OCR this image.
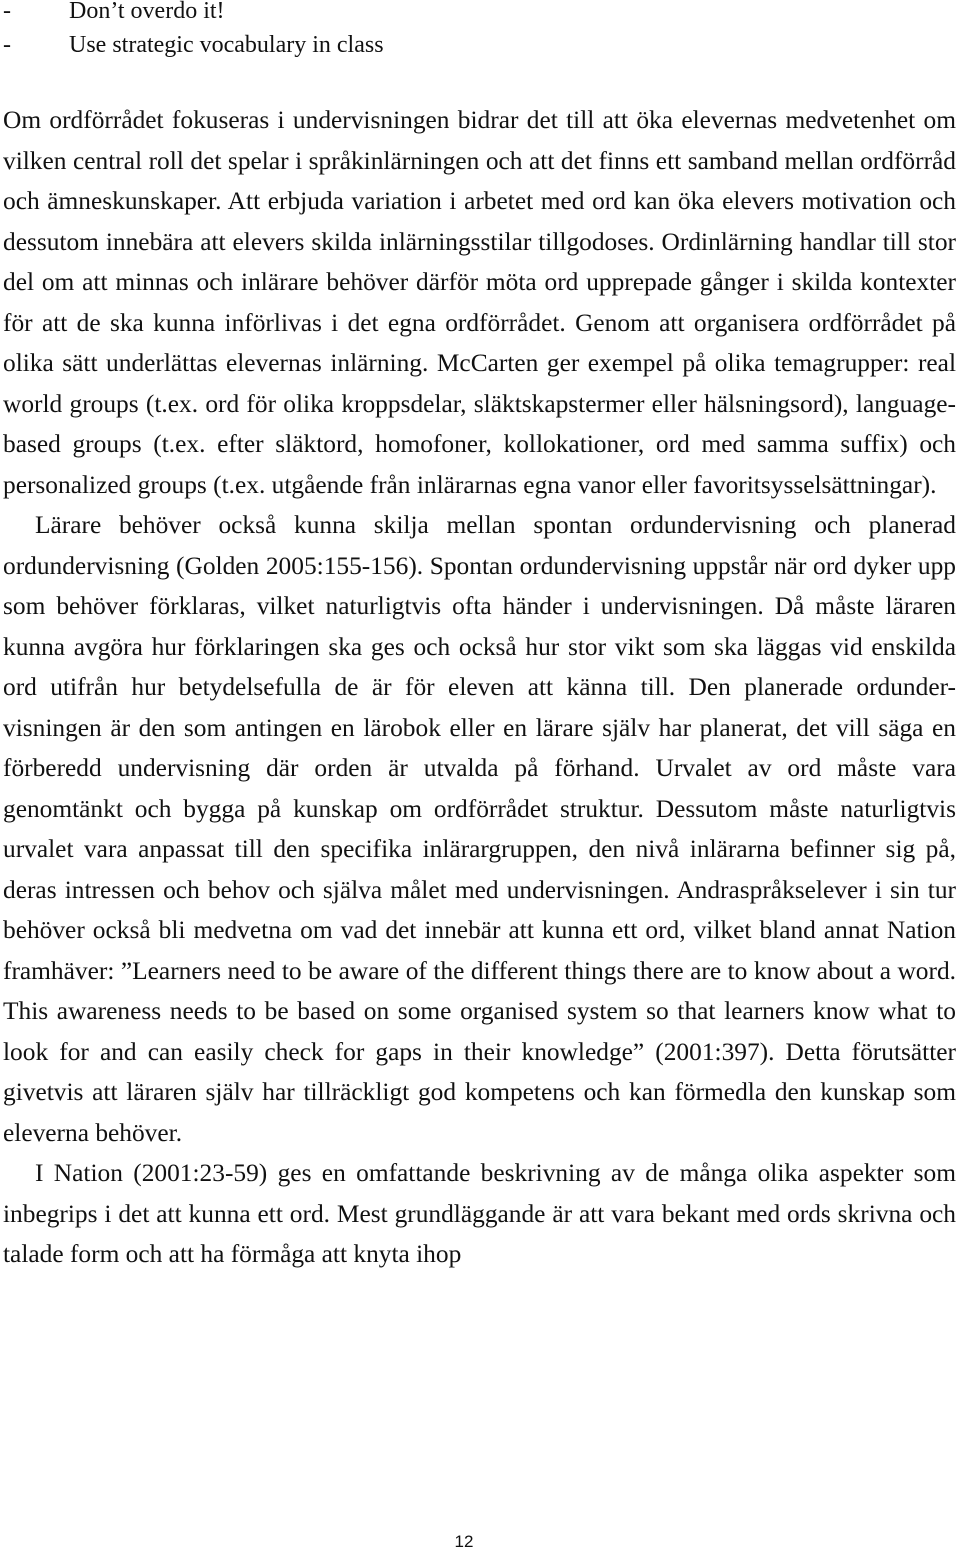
- Don’t overdo it!
- Use strategic vocabulary in class

Om ordförrådet fokuseras i undervisningen bidrar det till att öka elevernas medvetenhet om vilken central roll det spelar i språkinlärningen och att det finns ett samband mellan ordförråd och ämneskunskaper. Att erbjuda variation i arbetet med ord kan öka elevers motivation och dessutom innebära att elevers skilda inlärningsstilar tillgodoses. Ordinlärning handlar till stor del om att minnas och inlärare behöver därför möta ord upprepade gånger i skilda kontexter för att de ska kunna införlivas i det egna ordförrådet. Genom att organisera ordförrådet på olika sätt underlättas elevernas inlärning. McCarten ger exempel på olika temagrupper: real world groups (t.ex. ord för olika kroppsdelar, släktskapstermer eller hälsningsord), language-based groups (t.ex. efter släktord, homofoner, kollokationer, ord med samma suffix) och personalized groups (t.ex. utgående från inlärarnas egna vanor eller favoritsysselsättningar).

Lärare behöver också kunna skilja mellan spontan ordundervisning och planerad ordundervisning (Golden 2005:155-156). Spontan ordundervisning uppstår när ord dyker upp som behöver förklaras, vilket naturligtvis ofta händer i undervisningen. Då måste läraren kunna avgöra hur förklaringen ska ges och också hur stor vikt som ska läggas vid enskilda ord utifrån hur betydelsefulla de är för eleven att känna till. Den planerade ordunder-visningen är den som antingen en lärobok eller en lärare själv har planerat, det vill säga en förberedd undervisning där orden är utvalda på förhand. Urvalet av ord måste vara genomtänkt och bygga på kunskap om ordförrådet struktur. Dessutom måste naturligtvis urvalet vara anpassat till den specifika inlärargruppen, den nivå inlärarna befinner sig på, deras intressen och behov och själva målet med undervisningen. Andraspråkselever i sin tur behöver också bli medvetna om vad det innebär att kunna ett ord, vilket bland annat Nation framhäver: ”Learners need to be aware of the different things there are to know about a word. This awareness needs to be based on some organised system so that learners know what to look for and can easily check for gaps in their knowledge” (2001:397). Detta förutsätter givetvis att läraren själv har tillräckligt god kompetens och kan förmedla den kunskap som eleverna behöver.

I Nation (2001:23-59) ges en omfattande beskrivning av de många olika aspekter som inbegrips i det att kunna ett ord. Mest grundläggande är att vara bekant med ords skrivna och talade form och att ha förmåga att knyta ihop

12
